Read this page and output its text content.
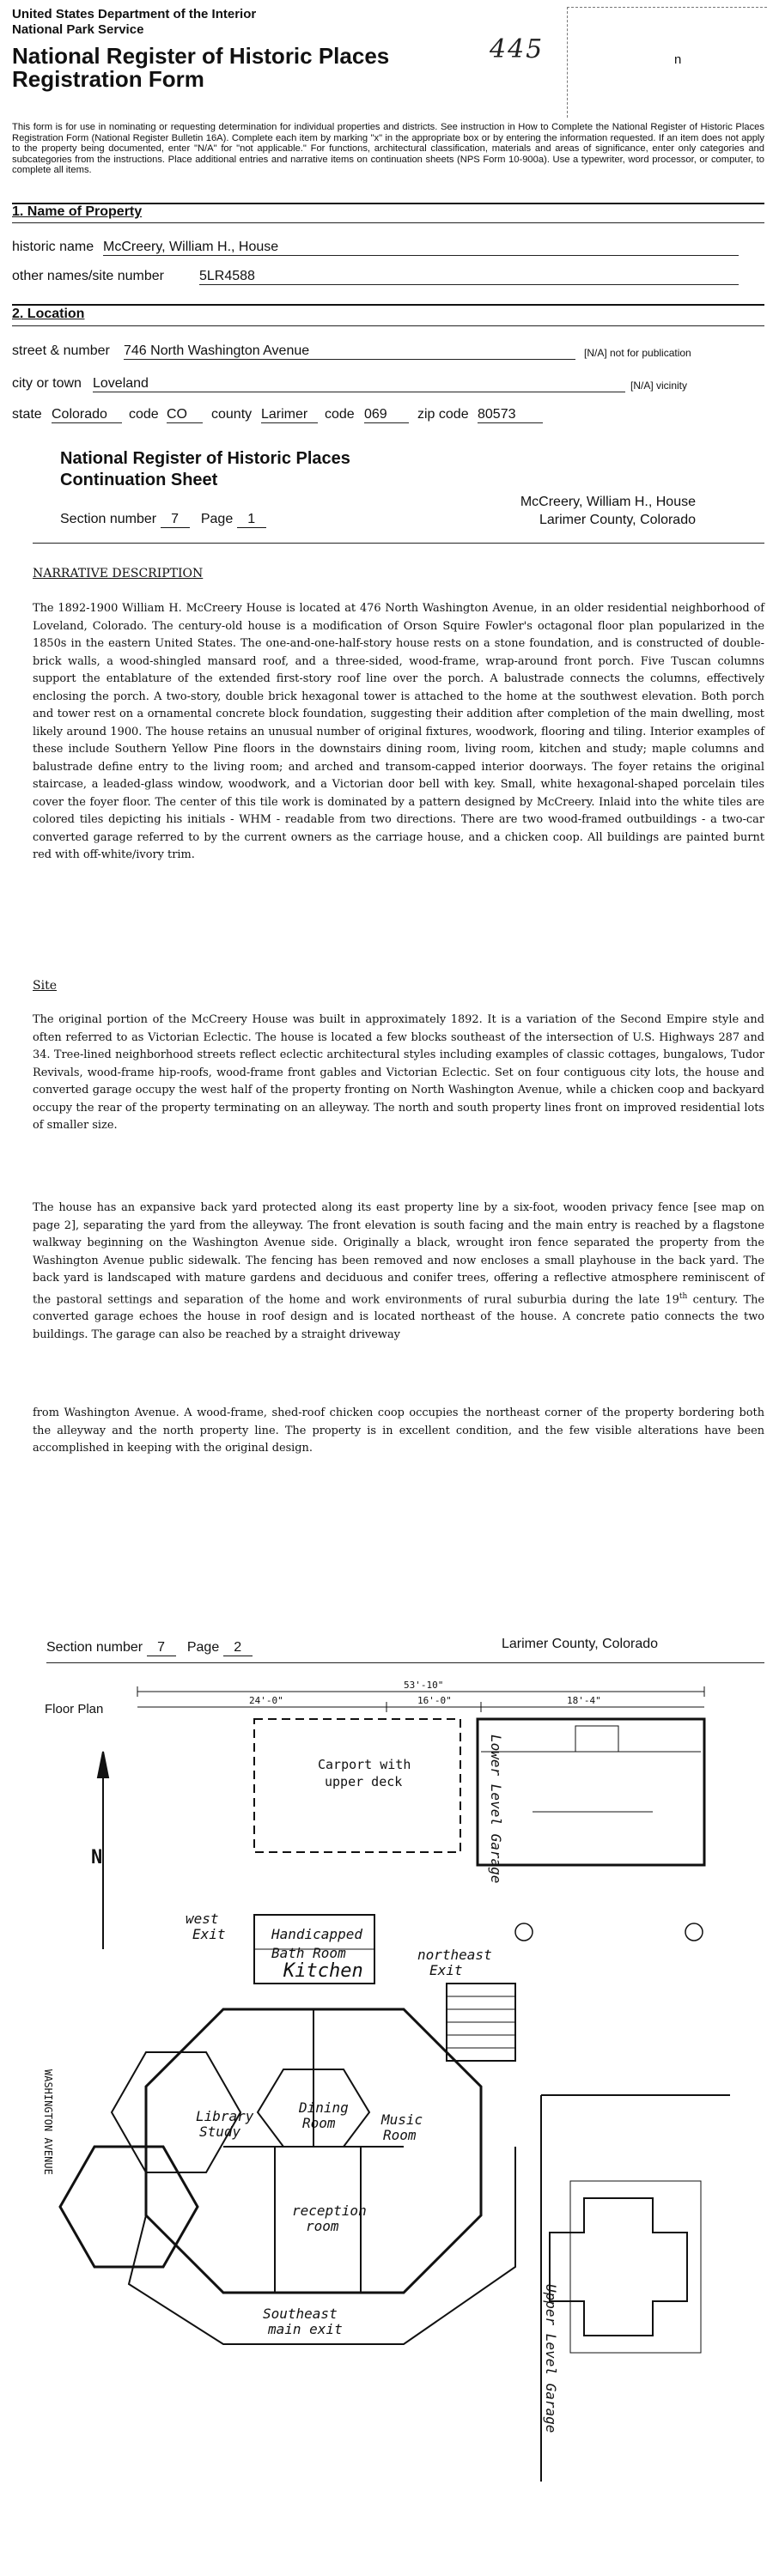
United States Department of the Interior
National Park Service
National Register of Historic Places
Registration Form
445	n
This form is for use in nominating or requesting determination for individual properties and districts. See instruction in How to Complete the National Register of Historic Places Registration Form (National Register Bulletin 16A). Complete each item by marking "x" in the appropriate box or by entering the information requested. If an item does not apply to the property being documented, enter "N/A" for "not applicable." For functions, architectural classification, materials and areas of significance, enter only categories and subcategories from the instructions. Place additional entries and narrative items on continuation sheets (NPS Form 10-900a). Use a typewriter, word processor, or computer, to complete all items.
1. Name of Property
historic name McCreery, William H., House
other names/site number	5LR4588
2. Location
street & number 746 North Washington Avenue	[N/A] not for publication
city or town Loveland	[N/A] vicinity
state Colorado	code CO	county Larimer	code 069	zip code 80573
National Register of Historic Places
Continuation Sheet
Section number 7 Page 1
McCreery, William H., House
Larimer County, Colorado
NARRATIVE DESCRIPTION
The 1892-1900 William H. McCreery House is located at 476 North Washington Avenue, in an older residential neighborhood of Loveland, Colorado. The century-old house is a modification of Orson Squire Fowler's octagonal floor plan popularized in the 1850s in the eastern United States. The one-and-one-half-story house rests on a stone foundation, and is constructed of double-brick walls, a wood-shingled mansard roof, and a three-sided, wood-frame, wrap-around front porch. Five Tuscan columns support the entablature of the extended first-story roof line over the porch. A balustrade connects the columns, effectively enclosing the porch. A two-story, double brick hexagonal tower is attached to the home at the southwest elevation. Both porch and tower rest on a ornamental concrete block foundation, suggesting their addition after completion of the main dwelling, most likely around 1900. The house retains an unusual number of original fixtures, woodwork, flooring and tiling. Interior examples of these include Southern Yellow Pine floors in the downstairs dining room, living room, kitchen and study; maple columns and balustrade define entry to the living room; and arched and transom-capped interior doorways. The foyer retains the original staircase, a leaded-glass window, woodwork, and a Victorian door bell with key. Small, white hexagonal-shaped porcelain tiles cover the foyer floor. The center of this tile work is dominated by a pattern designed by McCreery. Inlaid into the white tiles are colored tiles depicting his initials - WHM - readable from two directions. There are two wood-framed outbuildings - a two-car converted garage referred to by the current owners as the carriage house, and a chicken coop. All buildings are painted burnt red with off-white/ivory trim.
Site
The original portion of the McCreery House was built in approximately 1892. It is a variation of the Second Empire style and often referred to as Victorian Eclectic. The house is located a few blocks southeast of the intersection of U.S. Highways 287 and 34. Tree-lined neighborhood streets reflect eclectic architectural styles including examples of classic cottages, bungalows, Tudor Revivals, wood-frame hip-roofs, wood-frame front gables and Victorian Eclectic. Set on four contiguous city lots, the house and converted garage occupy the west half of the property fronting on North Washington Avenue, while a chicken coop and backyard occupy the rear of the property terminating on an alleyway. The north and south property lines front on improved residential lots of smaller size.
The house has an expansive back yard protected along its east property line by a six-foot, wooden privacy fence [see map on page 2], separating the yard from the alleyway. The front elevation is south facing and the main entry is reached by a flagstone walkway beginning on the Washington Avenue side. Originally a black, wrought iron fence separated the property from the Washington Avenue public sidewalk. The fencing has been removed and now encloses a small playhouse in the back yard. The back yard is landscaped with mature gardens and deciduous and conifer trees, offering a reflective atmosphere reminiscent of the pastoral settings and separation of the home and work environments of rural suburbia during the late 19th century. The converted garage echoes the house in roof design and is located northeast of the house. A concrete patio connects the two buildings. The garage can also be reached by a straight driveway
from Washington Avenue. A wood-frame, shed-roof chicken coop occupies the northeast corner of the property bordering both the alleyway and the north property line. The property is in excellent condition, and the few visible alterations have been accomplished in keeping with the original design.
Section number 7 Page 2	Larimer County, Colorado
Floor Plan
53'-10"
24'-0"	16'-0"	18'-4"
Carport with
upper deck	Lower Level Garage
Upper Level Garage
Handicapped
Bath Room
Kitchen
west
Exit
northeast
Exit
Dining
Room
Library
Study
Music
Room
reception
room
Southeast
main exit
N
WASHINGTON AVENUE
